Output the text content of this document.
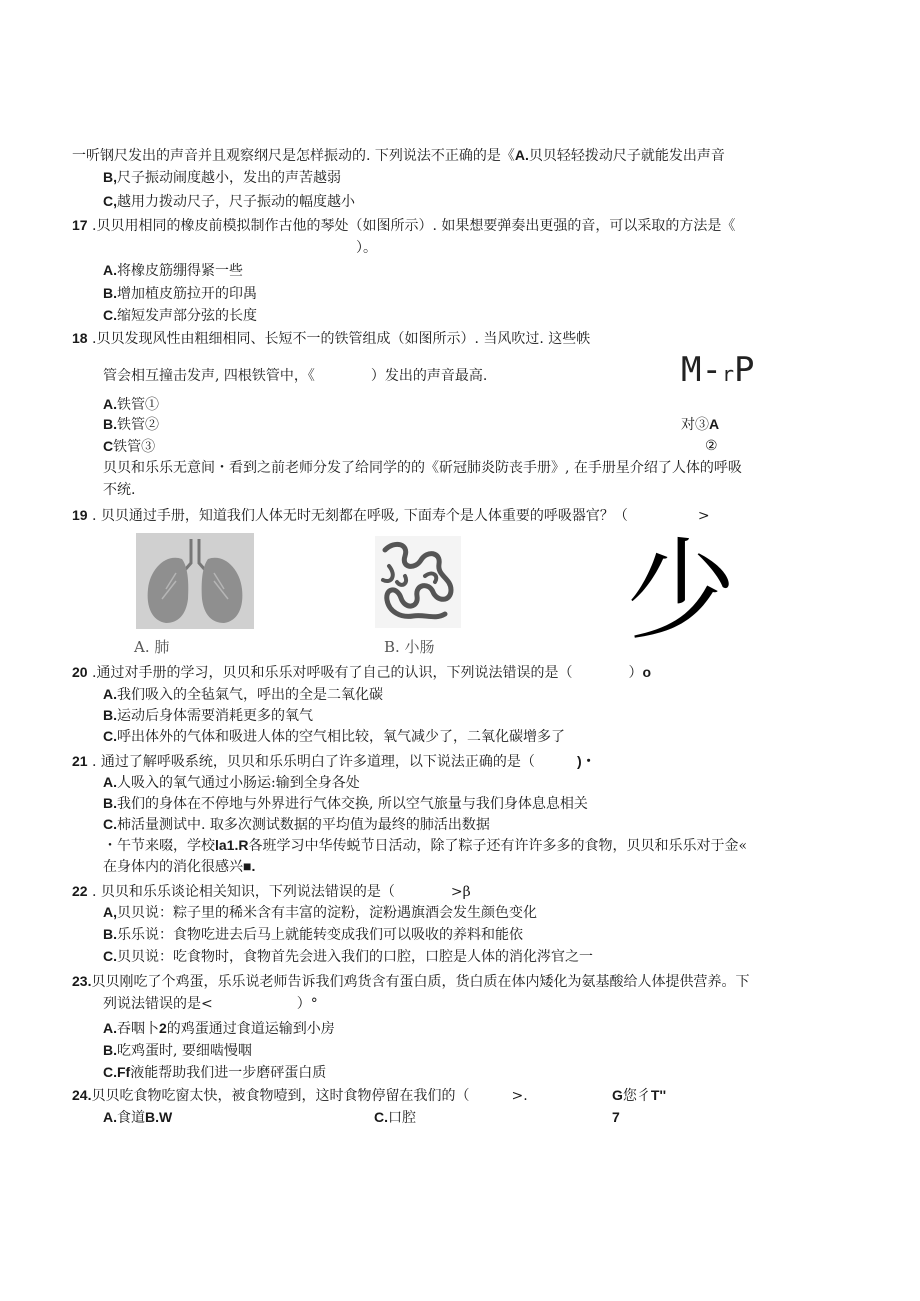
一听钢尺发出的声音并且观察纲尺是怎样振动的. 下列说法不正确的是《A.贝贝轻轻拨动尺子就能发出声音
B,尺子振动闹度越小，发出的声苦越弱
C,越用力拨动尺子，尺子振动的幅度越小
17 .贝贝用相同的橡皮前模拟制作古他的琴处（如图所示）. 如果想要弹奏出更强的音，可以采取的方法是《
）。
A.将橡皮筋绷得紧一些
B.增加植皮筋拉开的印禺
C.缩短发声部分弦的长度
18 .贝贝发现风性由粗细相同、长短不一的铁管组成（如图所示）. 当风吹过. 这些帙
管会相互撞击发声, 四根铁管中，《　　　　）发出的声音最高.	M-rP
A.铁管①
B.铁管②	对③A
C铁管③	②
贝贝和乐乐无意间・看到之前老师分发了给同学的的《斫冠肺炎防丧手册》, 在手册星介绍了人体的呼吸
不统.
19 . 贝贝通过手册，知道我们人体无时无刻都在呼吸, 下面寿个是人体重要的呼吸器官？（　　　　　>
A. 肺	B. 小肠 少
20 .通过对手册的学习，贝贝和乐乐对呼吸有了自己的认识，下列说法错误的是（　　　　）o
A.我们吸入的全毡氣气，呼出的全是二氧化碳
B.运动后身体需要消耗更多的氧气
C.呼出体外的气体和吸进人体的空气相比较，氧气减少了，二氧化碳增多了
21 . 通过了解呼吸系统，贝贝和乐乐明白了许多道理，以下说法正确的是（　　　)・
A.人吸入的氧气通过小肠运:输到全身各处
B.我们的身体在不停地与外界进行气体交换, 所以空气旅量与我们身体息息相关
C.柿活量测试中. 取多次测试数据的平均值为最终的肺活出数据
・午节来啜，学校la1.R各班学习中华传蜕节日活动，除了粽子还有许许多多的食物，贝贝和乐乐对于金«
在身体内的消化很感兴■.
22 . 贝贝和乐乐谈论相关知识，下列说法错误的是（　　　　>β
A,贝贝说：粽子里的稀米含有丰富的淀粉，淀粉遇旗酒会发生颜色变化
B.乐乐说：食物吃进去后马上就能转变成我们可以吸收的养料和能依
C.贝贝说：吃食物时，食物首先会进入我们的口腔，口腔是人体的消化涔官之一
23.贝贝刚吃了个鸡蛋，乐乐说老师告诉我们鸡货含有蛋白质，货白质在体内矮化为氨基酸给人体提供营养。下
列说法错误的是<　　　　　　）°
A.吞咽卜2的鸡蛋通过食道运输到小房
B.吃鸡蛋时, 要细啮慢咽
C.Ff液能帮助我们进一步磨砰蛋白质
24.贝贝吃食物吃窗太快，被食物噎到，这时食物停留在我们的（　　　>.	G您彳T''
A.食道B.W	C.口腔	7
